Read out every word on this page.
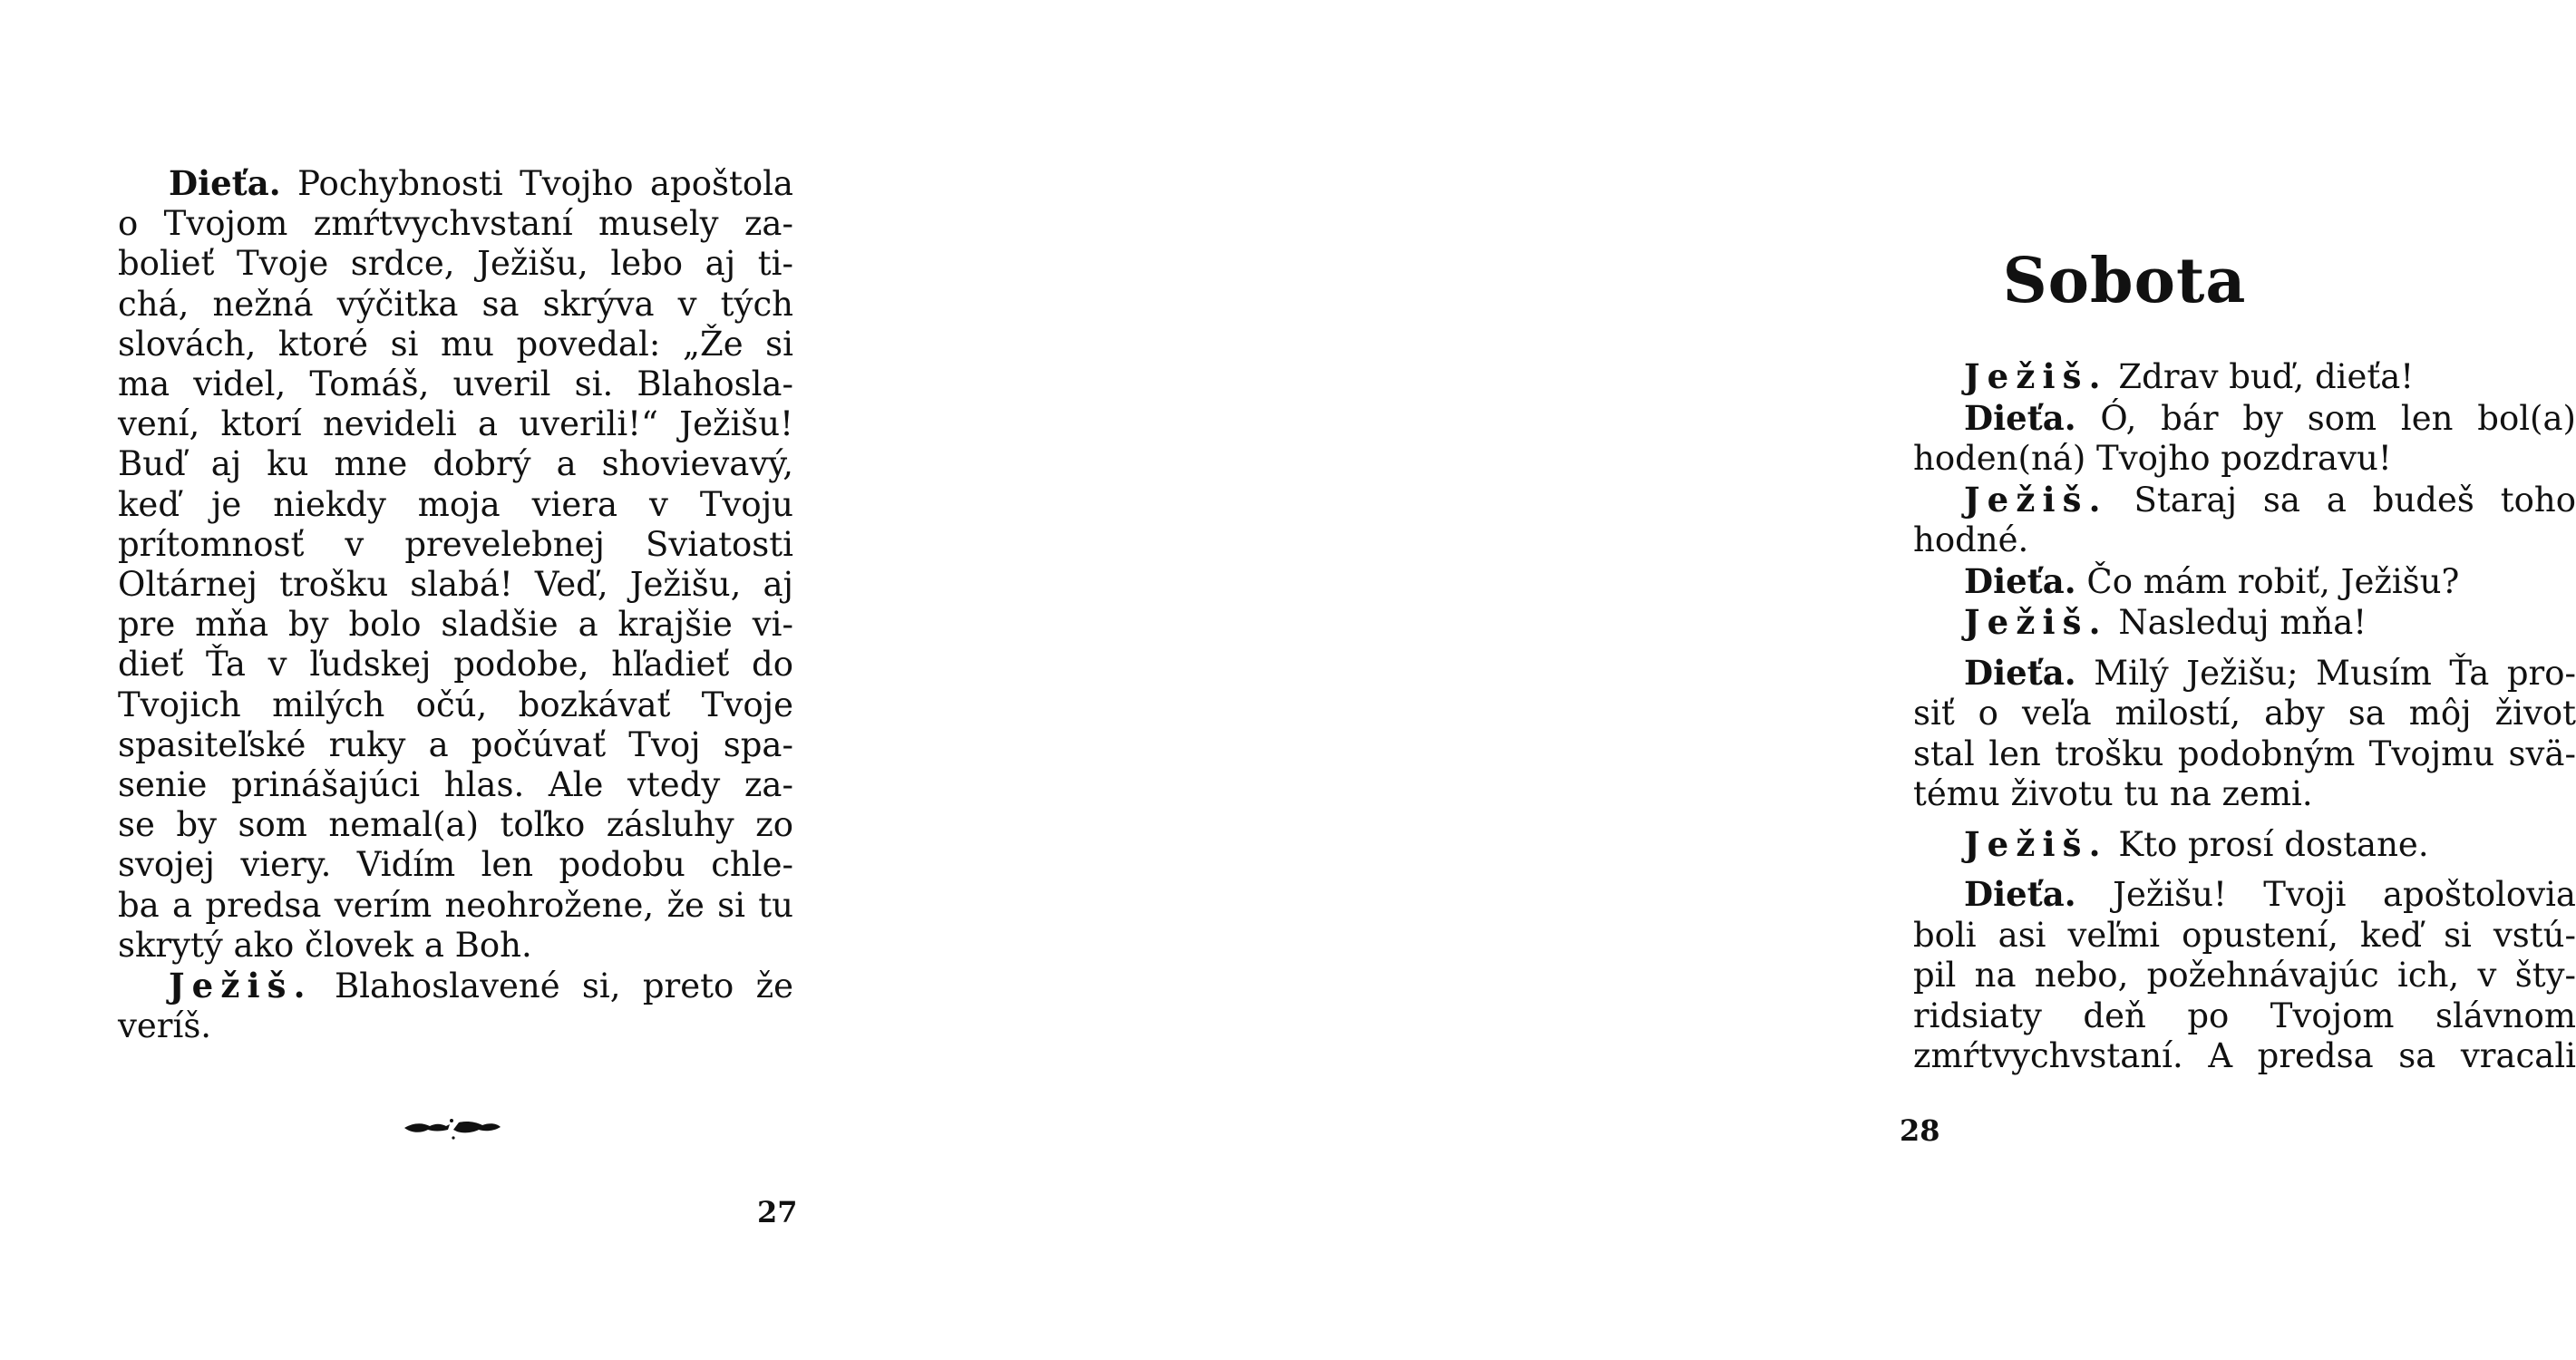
Dieťa. Pochybnosti Tvojho apoštola
o Tvojom zmŕtvychvstaní musely za-
bolieť Tvoje srdce, Ježišu, lebo aj ti-
chá, nežná výčitka sa skrýva v tých
slovách, ktoré si mu povedal: „Že si
ma videl, Tomáš, uveril si. Blahosla-
vení, ktorí nevideli a uverili!“ Ježišu!
Buď aj ku mne dobrý a shovievavý,
keď je niekdy moja viera v Tvoju
prítomnosť v prevelebnej Sviatosti
Oltárnej trošku slabá! Veď, Ježišu, aj
pre mňa by bolo sladšie a krajšie vi-
dieť Ťa v ľudskej podobe, hľadieť do
Tvojich milých očú, bozkávať Tvoje
spasiteľské ruky a počúvať Tvoj spa-
senie prinášajúci hlas. Ale vtedy za-
se by som nemal(a) toľko zásluhy zo
svojej viery. Vidím len podobu chle-
ba a predsa verím neohrožene, že si tu
skrytý ako človek a Boh.
Ježiš. Blahoslavené si, preto že
veríš.
27
Sobota
Ježiš. Zdrav buď, dieťa!
Dieťa. Ó, bár by som len bol(a)
hoden(ná) Tvojho pozdravu!
Ježiš. Staraj sa a budeš toho
hodné.
Dieťa. Čo mám robiť, Ježišu?
Ježiš. Nasleduj mňa!
Dieťa. Milý Ježišu; Musím Ťa pro-
siť o veľa milostí, aby sa môj život
stal len trošku podobným Tvojmu svä-
tému životu tu na zemi.
Ježiš. Kto prosí dostane.
Dieťa. Ježišu! Tvoji apoštolovia
boli asi veľmi opustení, keď si vstú-
pil na nebo, požehnávajúc ich, v šty-
ridsiaty deň po Tvojom slávnom
zmŕtvychvstaní. A predsa sa vracali
28
